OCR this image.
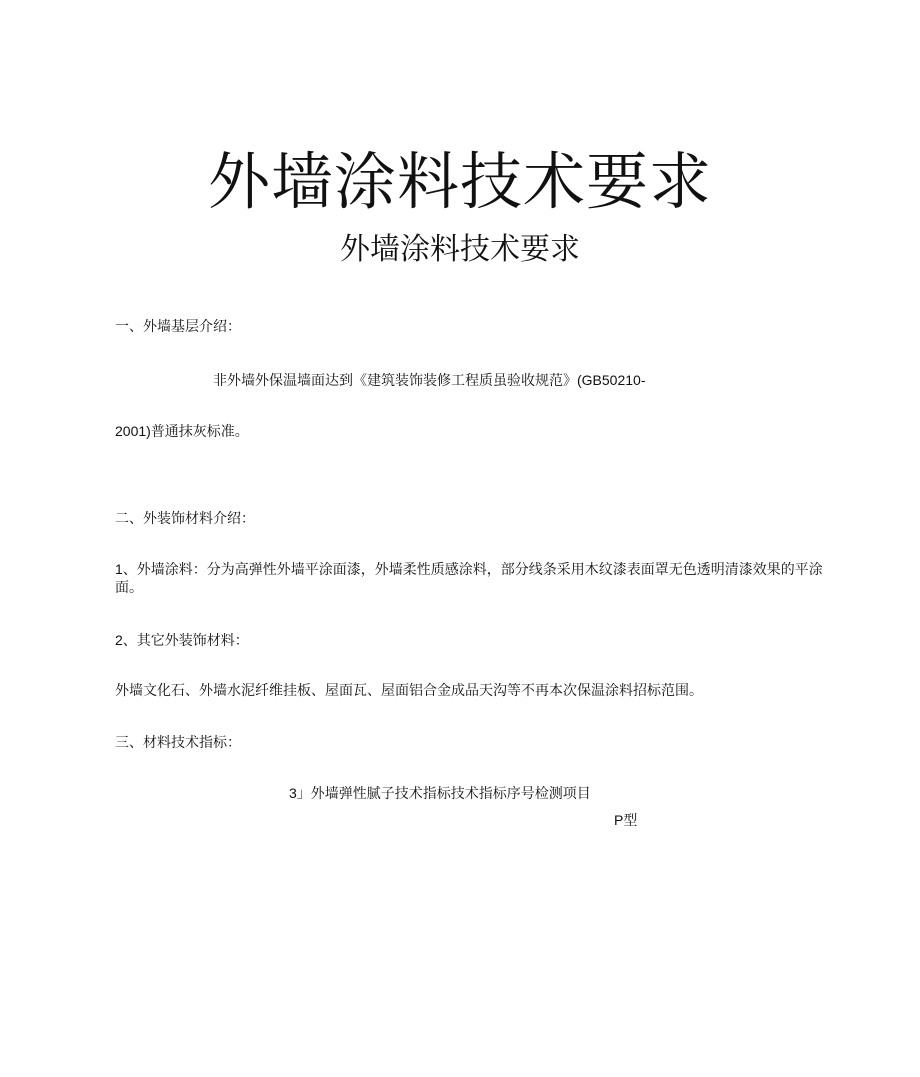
外墙涂料技术要求
外墙涂料技术要求
一、外墙基层介绍：
非外墙外保温墙面达到《建筑装饰装修工程质虽验收规范》(GB50210-
2001)普通抹灰标准。
二、外装饰材料介绍：
1、外墙涂料：分为高弹性外墙平涂面漆，外墙柔性质感涂料，部分线条采用木纹漆表面罩无色透明清漆效果的平涂面。
2、其它外装饰材料：
外墙文化石、外墙水泥纤维挂板、屋面瓦、屋面铝合金成品天沟等不再本次保温涂料招标范围。
三、材料技术指标：
3」外墙弹性腻子技术指标技术指标序号检测项目
P型
